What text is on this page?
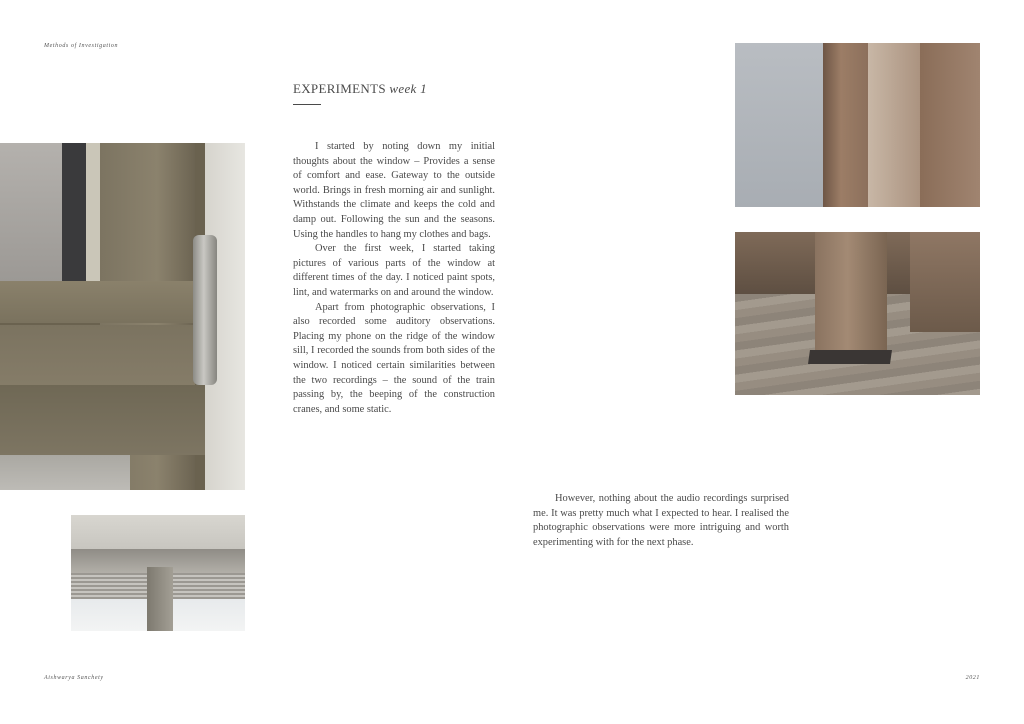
Methods of Investigation
EXPERIMENTS week 1

I started by noting down my initial thoughts about the window – Provides a sense of comfort and ease. Gateway to the outside world. Brings in fresh morning air and sunlight. Withstands the climate and keeps the cold and damp out. Following the sun and the seasons. Using the handles to hang my clothes and bags.

Over the first week, I started taking pictures of various parts of the window at different times of the day. I noticed paint spots, lint, and watermarks on and around the window.

Apart from photographic observations, I also recorded some auditory observations. Placing my phone on the ridge of the window sill, I recorded the sounds from both sides of the window. I noticed certain similarities between the two recordings – the sound of the train passing by, the beeping of the construction cranes, and some static.

However, nothing about the audio recordings surprised me. It was pretty much what I expected to hear. I realised the photographic observations were more intriguing and worth experimenting with for the next phase.

Aishwarya Sanchety	2021
